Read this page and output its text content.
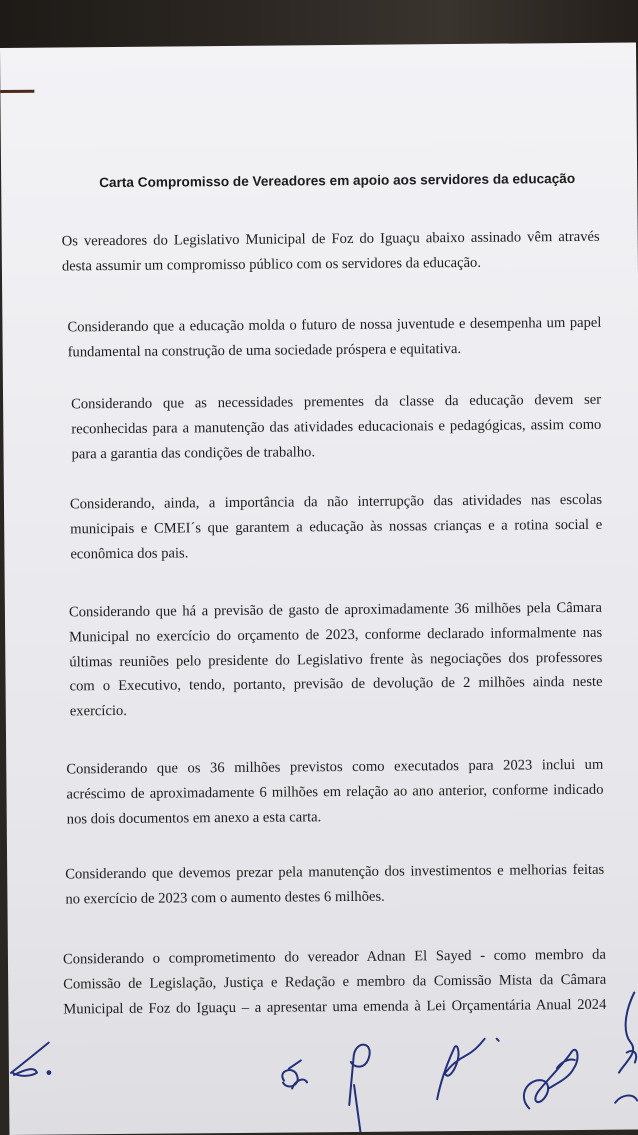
Carta Compromisso de Vereadores em apoio aos servidores da educação
Os vereadores do Legislativo Municipal de Foz do Iguaçu abaixo assinado vêm através
desta assumir um compromisso público com os servidores da educação.
Considerando que a educação molda o futuro de nossa juventude e desempenha um papel
fundamental na construção de uma sociedade próspera e equitativa.
Considerando que as necessidades prementes da classe da educação devem ser
reconhecidas para a manutenção das atividades educacionais e pedagógicas, assim como
para a garantia das condições de trabalho.
Considerando, ainda, a importância da não interrupção das atividades nas escolas
municipais e CMEI´s que garantem a educação às nossas crianças e a rotina social e
econômica dos pais.
Considerando que há a previsão de gasto de aproximadamente 36 milhões pela Câmara
Municipal no exercício do orçamento de 2023, conforme declarado informalmente nas
últimas reuniões pelo presidente do Legislativo frente às negociações dos professores
com o Executivo, tendo, portanto, previsão de devolução de 2 milhões ainda neste
exercício.
Considerando que os 36 milhões previstos como executados para 2023 inclui um
acréscimo de aproximadamente 6 milhões em relação ao ano anterior, conforme indicado
nos dois documentos em anexo a esta carta.
Considerando que devemos prezar pela manutenção dos investimentos e melhorias feitas
no exercício de 2023 com o aumento destes 6 milhões.
Considerando o comprometimento do vereador Adnan El Sayed - como membro da
Comissão de Legislação, Justiça e Redação e membro da Comissão Mista da Câmara
Municipal de Foz do Iguaçu – a apresentar uma emenda à Lei Orçamentária Anual 2024
